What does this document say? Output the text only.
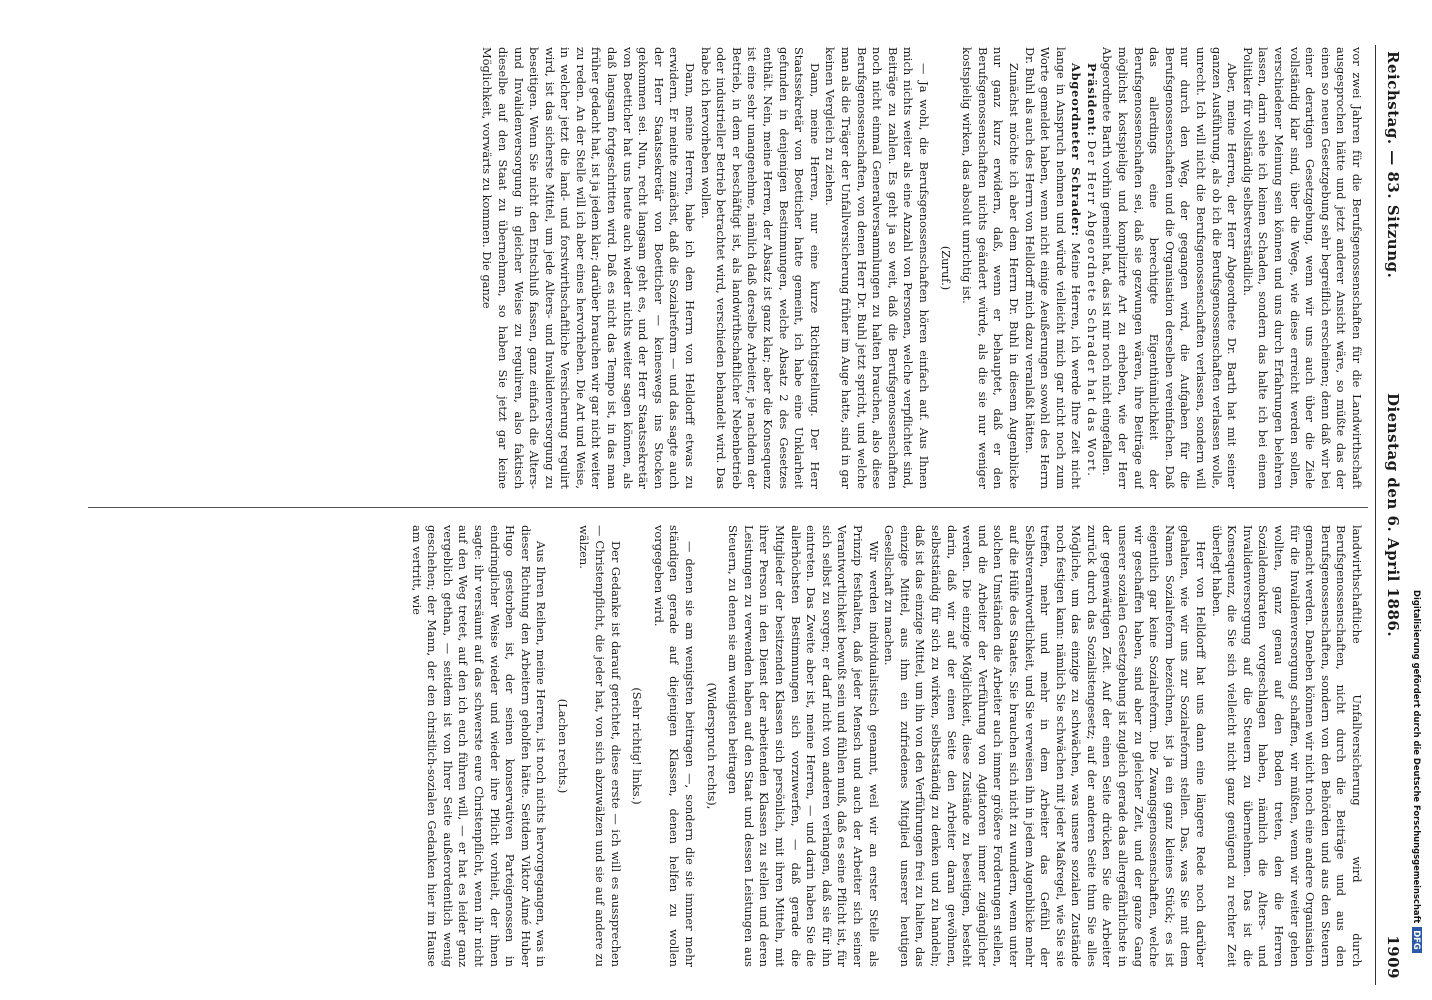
Reichstag. — 83. Sitzung.
Dienstag den 6. April 1886.
1909

vor zwei Jahren für die Berufsgenossenschaften für die Landwirthschaft ausgesprochen hätte und jetzt anderer Ansicht wäre, so müßte das der einen so neuen Gesetzgebung sehr begreiflich erscheinen; denn daß wir bei einer derartigen Gesetzgebung, wenn wir uns auch über die Ziele vollständig klar sind, über die Wege, wie diese erreicht werden sollen, verschiedener Meinung sein können und uns durch Erfahrungen belehren lassen, darin sehe ich keinen Schaden, sondern das halte ich bei einem Politiker für vollständig selbstverständlich.

Aber, meine Herren, der Herr Abgeordnete Dr. Barth hat mit seiner ganzen Ausführung, als ob ich die Berufsgenossenschaften verlassen wolle, unrecht. Ich will nicht die Berufsgenossenschaften verlassen, sondern will nur durch den Weg, der gegangen wird, die Aufgaben für die Berufsgenossenschaften und die Organisation derselben vereinfachen. Daß das allerdings eine berechtigte Eigenthümlichkeit der Berufsgenossenschaften sei, daß sie gezwungen wären, ihre Beiträge auf möglichst kostspielige und komplizirte Art zu erheben, wie der Herr Abgeordnete Barth vorhin gemeint hat, das ist mir noch nicht eingefallen.

Präsident: Der Herr Abgeordnete Schrader hat das Wort.

Abgeordneter Schrader: Meine Herren, ich werde Ihre Zeit nicht lange in Anspruch nehmen und würde vielleicht mich gar nicht noch zum Worte gemeldet haben, wenn nicht einige Aeußerungen sowohl des Herrn Dr. Buhl als auch des Herrn von Helldorff mich dazu veranlaßt hätten.

Zunächst möchte ich aber dem Herrn Dr. Buhl in diesem Augenblicke nur ganz kurz erwidern, daß, wenn er behauptet, daß er den Berufsgenossenschaften nichts geändert würde, als die sie nur weniger kostspielig wirken, das absolut unrichtig ist.

(Zuruf.)

— Ja wohl, die Berufsgenossenschaften hören einfach auf. Aus Ihnen mich nichts weiter als eine Anzahl von Personen, welche verpflichtet sind, Beiträge zu zahlen. Es geht ja so weit, daß die Berufsgenossenschaften noch nicht einmal Generalversammlungen zu halten brauchen, also diese Berufsgenossenschaften, von denen Herr Dr. Buhl jetzt spricht, und welche man als die Träger der Unfallversicherung früher im Auge hatte, sind in gar keinen Vergleich zu ziehen.

Dann, meine Herren, nur eine kurze Richtigstellung. Der Herr Staatssekretär von Boetticher hatte gemeint, ich habe eine Unklarheit gefunden in denjenigen Bestimmungen, welche Absatz 2 des Gesetzes enthält. Nein, meine Herren, der Absatz ist ganz klar; aber die Konsequenz ist eine sehr unangenehme, nämlich daß derselbe Arbeiter, je nachdem der Betrieb, in dem er beschäftigt ist, als landwirthschaftlicher Nebenbetrieb oder industrieller Betrieb betrachtet wird, verschieden behandelt wird. Das habe ich hervorheben wollen.

Dann, meine Herren, habe ich dem Herrn von Helldorff etwas zu erwidern. Er meinte zunächst, daß die Sozialreform — und das sagte auch der Herr Staatssekretär von Boetticher — keineswegs ins Stocken gekommen sei. Nun, recht langsam geht es, und der Herr Staatssekretär von Boetticher hat uns heute auch wieder nichts weiter sagen können, als daß langsam fortgeschritten wird. Daß es nicht das Tempo ist, in das man früher gedacht hat, ist ja jedem klar; darüber brauchen wir gar nicht weiter zu reden. An der Stelle will ich aber eines hervorheben. Die Art und Weise, in welcher jetzt die land- und forstwirthschaftliche Versicherung regulirt wird, ist das sicherste Mittel, um jede Alters- und Invalidenversorgung zu beseitigen. Wenn Sie nicht den Entschluß fassen, ganz einfach die Alters- und Invalidenversorgung in gleicher Weise zu reguliren, also faktisch dieselbe auf den Staat zu übernehmen, so haben Sie jetzt gar keine Möglichkeit, vorwärts zu kommen. Die ganze

landwirthschaftliche Unfallversicherung wird durch Berufsgenossenschaften, nicht durch die Beiträge und aus den Berufsgenossenschaften, sondern von den Behörden und aus den Steuern gemacht werden. Daneben können wir nicht noch eine andere Organisation für die Invalidenversorgung schaffen, wir müßten, wenn wir weiter gehen wollten, ganz genau auf den Boden treten, den die Herren Sozialdemokraten vorgeschlagen haben, nämlich die Alters- und Invalidenversorgung auf die Steuern zu übernehmen. Das ist die Konsequenz, die Sie sich vielleicht nicht ganz genügend zu rechter Zeit überlegt haben.

Herr von Helldorff hat uns dann eine längere Rede noch darüber gehalten, wie wir uns zur Sozialreform stellen. Das, was Sie mit dem Namen Sozialreform bezeichnen, ist ja ein ganz kleines Stück; es ist eigentlich gar keine Sozialreform. Die Zwangsgenossenschaften, welche wir geschaffen haben, sind aber zu gleicher Zeit, und der ganze Gang unserer sozialen Gesetzgebung ist zugleich gerade das allergefährlichste in der gegenwärtigen Zeit. Auf der einen Seite drücken Sie die Arbeiter zurück durch das Sozialistengesetz; auf der anderen Seite thun Sie alles Mögliche, um das einzige zu schwächen, was unsere sozialen Zustände noch festigen kann: nämlich Sie schwächen mit jeder Maßregel, wie Sie sie treffen, mehr und mehr in dem Arbeiter das Gefühl der Selbstverantwortlichkeit, und Sie verweisen ihn in jedem Augenblicke mehr auf die Hülfe des Staates. Sie brauchen sich nicht zu wundern, wenn unter solchen Umständen die Arbeiter auch immer größere Forderungen stellen, und die Arbeiter der Verführung von Agitatoren immer zugänglicher werden. Die einzige Möglichkeit, diese Zustände zu beseitigen, besteht darin, daß wir auf der einen Seite den Arbeiter daran gewöhnen, selbstständig für sich zu wirken, selbstständig zu denken und zu handeln; daß ist das einzige Mittel, um ihn von den Verführungen frei zu halten, das einzige Mittel, aus ihm ein zufriedenes Mitglied unserer heutigen Gesellschaft zu machen.

Wir werden individualistisch genannt, weil wir an erster Stelle als Prinzip festhalten, daß jeder Mensch und auch der Arbeiter sich seiner Verantwortlichkeit bewußt sein und fühlen muß, daß es seine Pflicht ist, für sich selbst zu sorgen; er darf nicht von anderen verlangen, daß sie für ihn eintreten. Das Zweite aber ist, meine Herren, — und darin haben Sie die allerhöchsten Bestimmungen sich vorzuwerfen, — daß gerade die Mitglieder der besitzenden Klassen sich persönlich, mit ihren Mitteln, mit ihrer Person in den Dienst der arbeitenden Klassen zu stellen und deren Leistungen zu verwenden haben auf den Staat und dessen Leistungen aus Steuern, zu denen sie am wenigsten beitragen

(Widerspruch rechts),

— denen sie am wenigsten beitragen —, sondern die sie immer mehr ständigen gerade auf diejenigen Klassen, denen helfen zu wollen vorgegeben wird.

(Sehr richtig! links.)

Der Gedanke ist darauf gerichtet, diese erste — ich will es aussprechen — Christenpflicht, die jeder hat, von sich abzuwälzen und sie auf andere zu wälzen.

(Lachen rechts.)

Aus Ihren Reihen, meine Herren, ist noch nichts hervorgegangen, was in dieser Richtung den Arbeitern geholfen hätte. Seitdem Viktor Aimé Huber Hugo gestorben ist, der seinen konservativen Parteigenossen in eindringlicher Weise wieder und wieder ihre Pflicht vorhielt, der ihnen sagte: ihr versäumt auf das schwerste eure Christenpflicht, wenn ihr nicht auf den Weg tretet, auf den ich euch führen will, — er hat es leider ganz vergeblich gethan, — seitdem ist von Ihrer Seite außerordentlich wenig geschehen; der Mann, der den christlich-sozialen Gedanken hier im Hause am vertritt, wie

Digitalisierung gefördert durch die Deutsche ForschungsgemeinschaftDFG
